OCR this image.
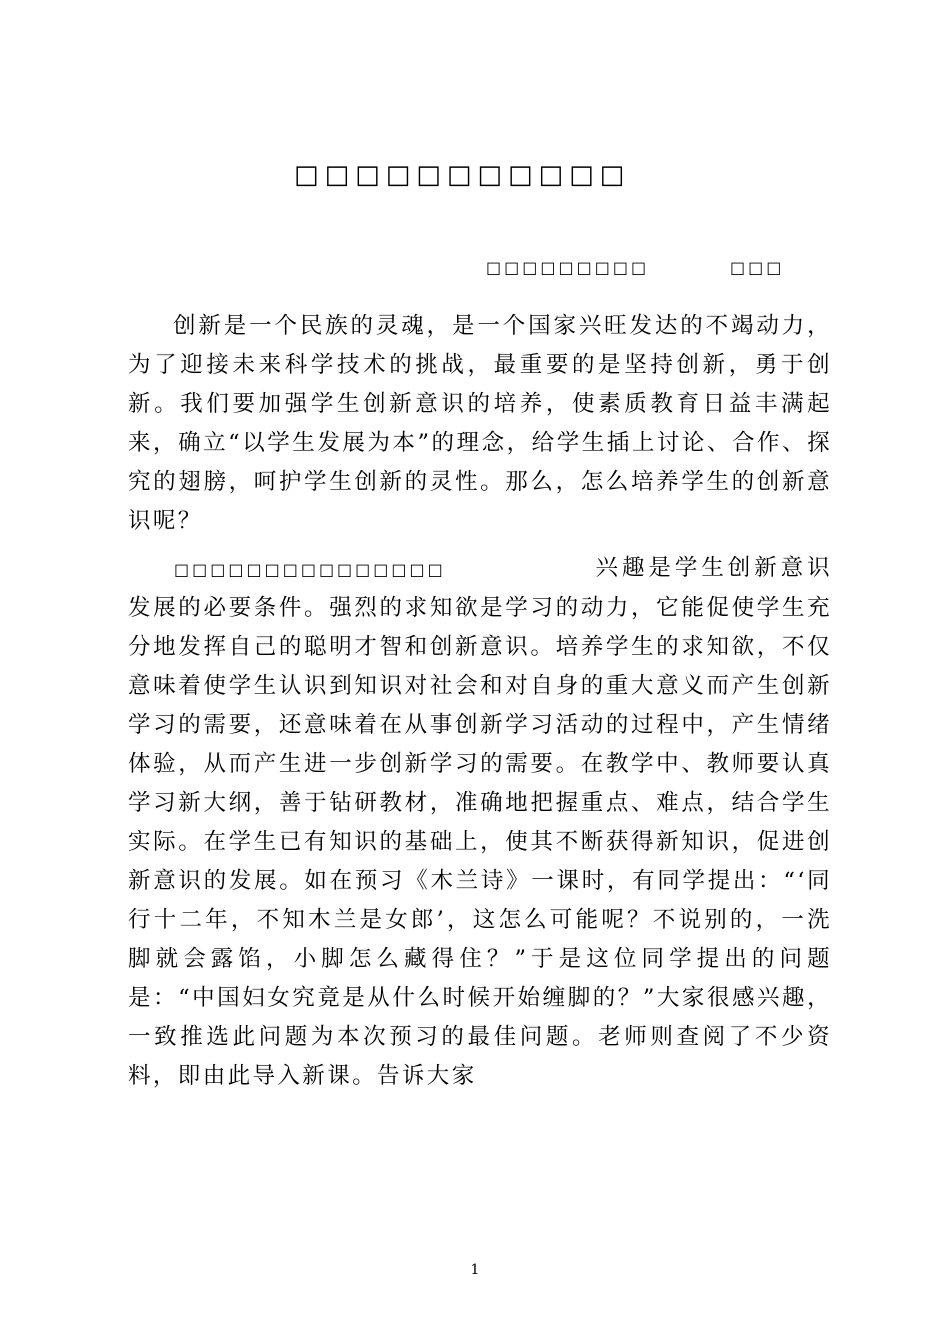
□□□□□□□□□□□
□□□□□□□□□	□□□

创新是一个民族的灵魂，是一个国家兴旺发达的不竭动力，为了迎接未来科学技术的挑战，最重要的是坚持创新，勇于创新。我们要加强学生创新意识的培养，使素质教育日益丰满起来，确立“以学生发展为本”的理念，给学生插上讨论、合作、探究的翅膀，呵护学生创新的灵性。那么，怎么培养学生的创新意识呢？

□□□□□□□□□□□□□□□	兴趣是学生创新意识发展的必要条件。强烈的求知欲是学习的动力，它能促使学生充分地发挥自己的聪明才智和创新意识。培养学生的求知欲，不仅意味着使学生认识到知识对社会和对自身的重大意义而产生创新学习的需要，还意味着在从事创新学习活动的过程中，产生情绪体验，从而产生进一步创新学习的需要。在教学中、教师要认真学习新大纲，善于钻研教材，准确地把握重点、难点，结合学生实际。在学生已有知识的基础上，使其不断获得新知识，促进创新意识的发展。如在预习《木兰诗》一课时，有同学提出：“‘同行十二年，不知木兰是女郎’，这怎么可能呢？不说别的，一洗脚就会露馅，小脚怎么藏得住？”于是这位同学提出的问题是：“中国妇女究竟是从什么时候开始缠脚的？”大家很感兴趣，一致推选此问题为本次预习的最佳问题。老师则查阅了不少资料，即由此导入新课。告诉大家

1
